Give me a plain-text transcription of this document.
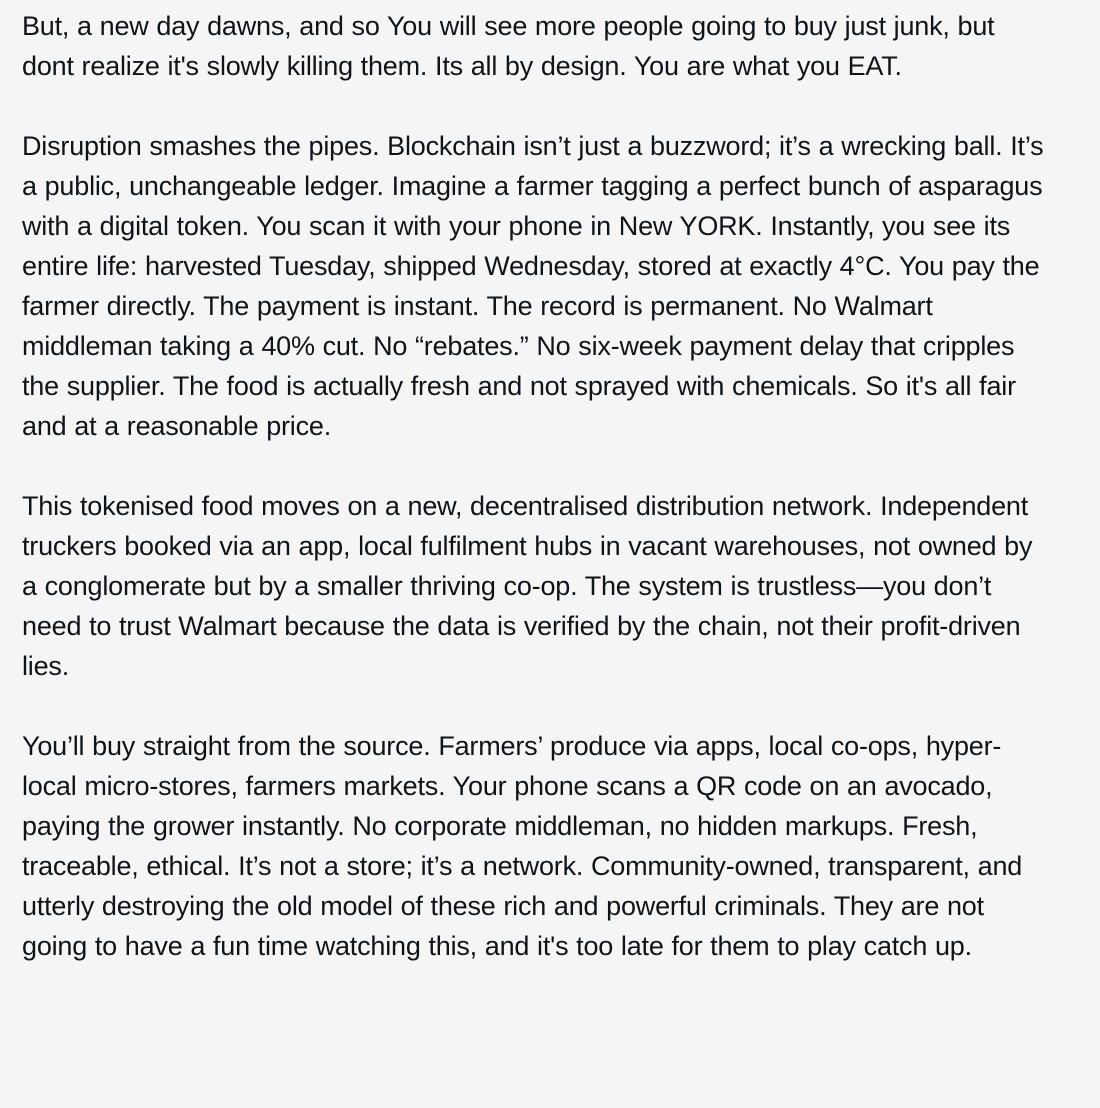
But, a new day dawns, and so You will see more people going to buy just junk, but dont realize it's slowly killing them. Its all by design. You are what you EAT.

Disruption smashes the pipes. Blockchain isn’t just a buzzword; it’s a wrecking ball. It’s a public, unchangeable ledger. Imagine a farmer tagging a perfect bunch of asparagus with a digital token. You scan it with your phone in New YORK. Instantly, you see its entire life: harvested Tuesday, shipped Wednesday, stored at exactly 4°C. You pay the farmer directly. The payment is instant. The record is permanent. No Walmart middleman taking a 40% cut. No “rebates.” No six-week payment delay that cripples the supplier. The food is actually fresh and not sprayed with chemicals. So it's all fair and at a reasonable price.

This tokenised food moves on a new, decentralised distribution network. Independent truckers booked via an app, local fulfilment hubs in vacant warehouses, not owned by a conglomerate but by a smaller thriving co-op. The system is trustless—you don’t need to trust Walmart because the data is verified by the chain, not their profit-driven lies.

You’ll buy straight from the source. Farmers’ produce via apps, local co-ops, hyper-local micro-stores, farmers markets. Your phone scans a QR code on an avocado, paying the grower instantly. No corporate middleman, no hidden markups. Fresh, traceable, ethical. It’s not a store; it’s a network. Community-owned, transparent, and utterly destroying the old model of these rich and powerful criminals. They are not going to have a fun time watching this, and it's too late for them to play catch up.
